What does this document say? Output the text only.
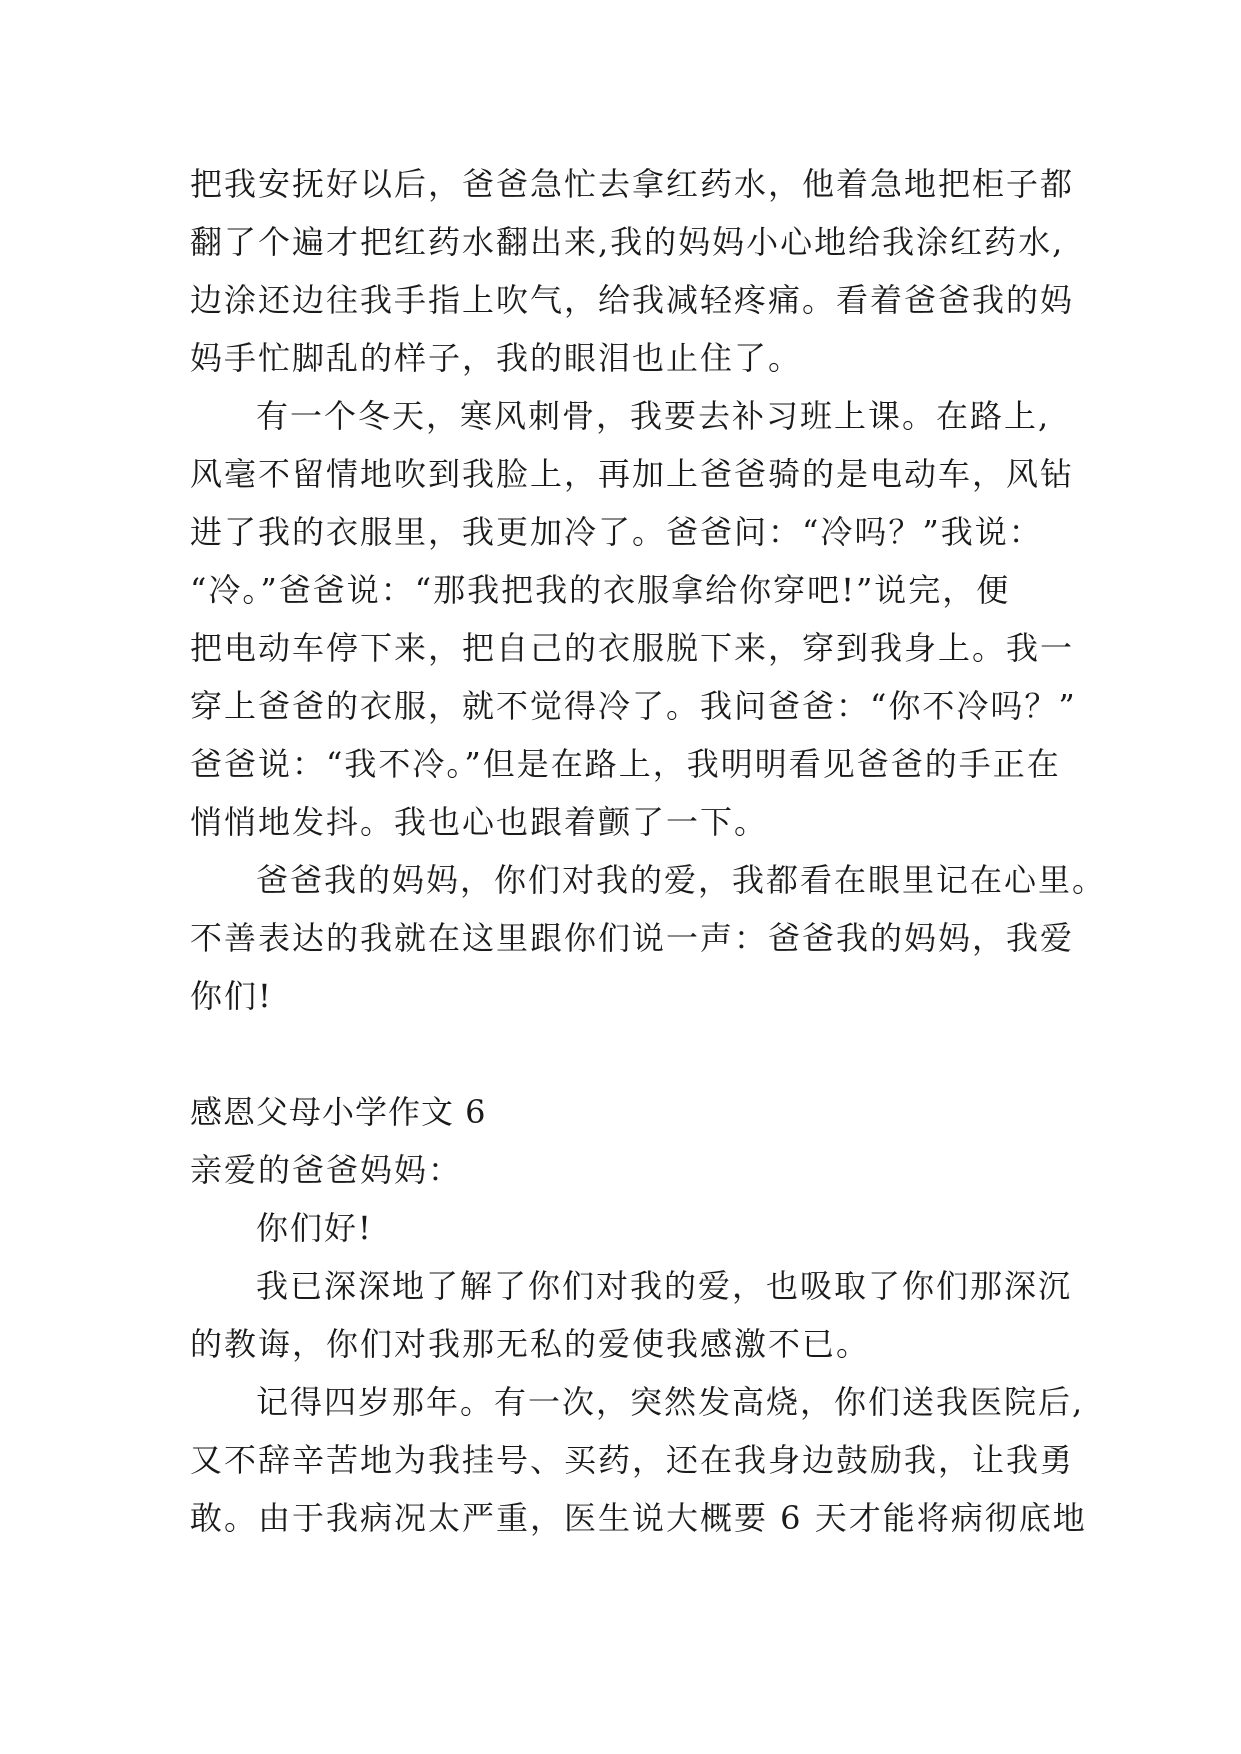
把我安抚好以后，爸爸急忙去拿红药水，他着急地把柜子都
翻了个遍才把红药水翻出来,我的妈妈小心地给我涂红药水,
边涂还边往我手指上吹气，给我减轻疼痛。看着爸爸我的妈
妈手忙脚乱的样子，我的眼泪也止住了。
有一个冬天，寒风刺骨，我要去补习班上课。在路上,
风毫不留情地吹到我脸上，再加上爸爸骑的是电动车，风钻
进了我的衣服里，我更加冷了。爸爸问：“冷吗？”我说：
“冷。”爸爸说：“那我把我的衣服拿给你穿吧!”说完，便
把电动车停下来，把自己的衣服脱下来，穿到我身上。我一
穿上爸爸的衣服，就不觉得冷了。我问爸爸：“你不冷吗？”
爸爸说：“我不冷。”但是在路上，我明明看见爸爸的手正在
悄悄地发抖。我也心也跟着颤了一下。
爸爸我的妈妈，你们对我的爱，我都看在眼里记在心里。
不善表达的我就在这里跟你们说一声：爸爸我的妈妈，我爱
你们!
感恩父母小学作文 6
亲爱的爸爸妈妈：
你们好!
我已深深地了解了你们对我的爱，也吸取了你们那深沉
的教诲，你们对我那无私的爱使我感激不已。
记得四岁那年。有一次，突然发高烧，你们送我医院后,
又不辞辛苦地为我挂号、买药，还在我身边鼓励我，让我勇
敢。由于我病况太严重，医生说大概要 6 天才能将病彻底地
